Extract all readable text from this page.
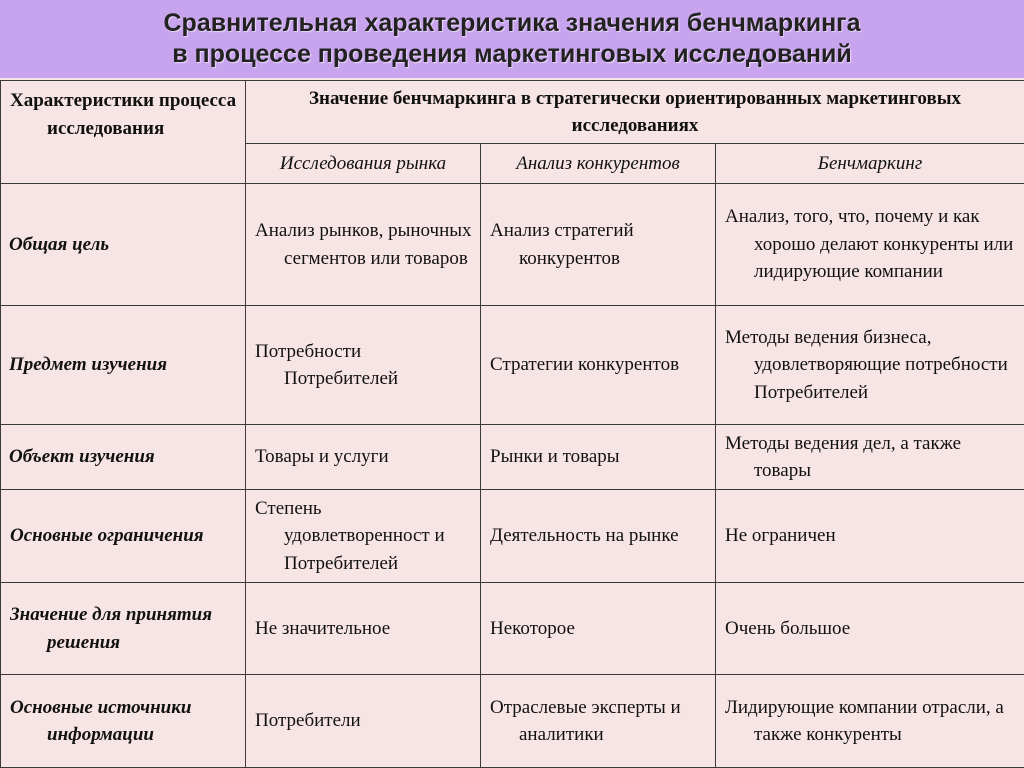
Сравнительная характеристика значения бенчмаркинга
в процессе проведения маркетинговых исследований
Характеристики процесса исследования	Значение бенчмаркинга в стратегически ориентированных маркетинговых исследованиях		
	Исследования рынка	Анализ конкурентов	Бенчмаркинг
Общая цель	Анализ рынков, рыночных сегментов или товаров	Анализ стратегий конкурентов	Анализ, того, что, почему и как хорошо делают конкуренты или лидирующие компании
Предмет изучения	Потребности Потребителей	Стратегии конкурентов	Методы ведения бизнеса, удовлетворяющие потребности Потребителей
Объект изучения	Товары и услуги	Рынки и товары	Методы ведения дел, а также товары
Основные ограничения	Степень удовлетворенност и Потребителей	Деятельность на рынке	Не ограничен
Значение для принятия решения	Не значительное	Некоторое	Очень большое
Основные источники информации	Потребители	Отраслевые эксперты и аналитики	Лидирующие компании отрасли, а также конкуренты
